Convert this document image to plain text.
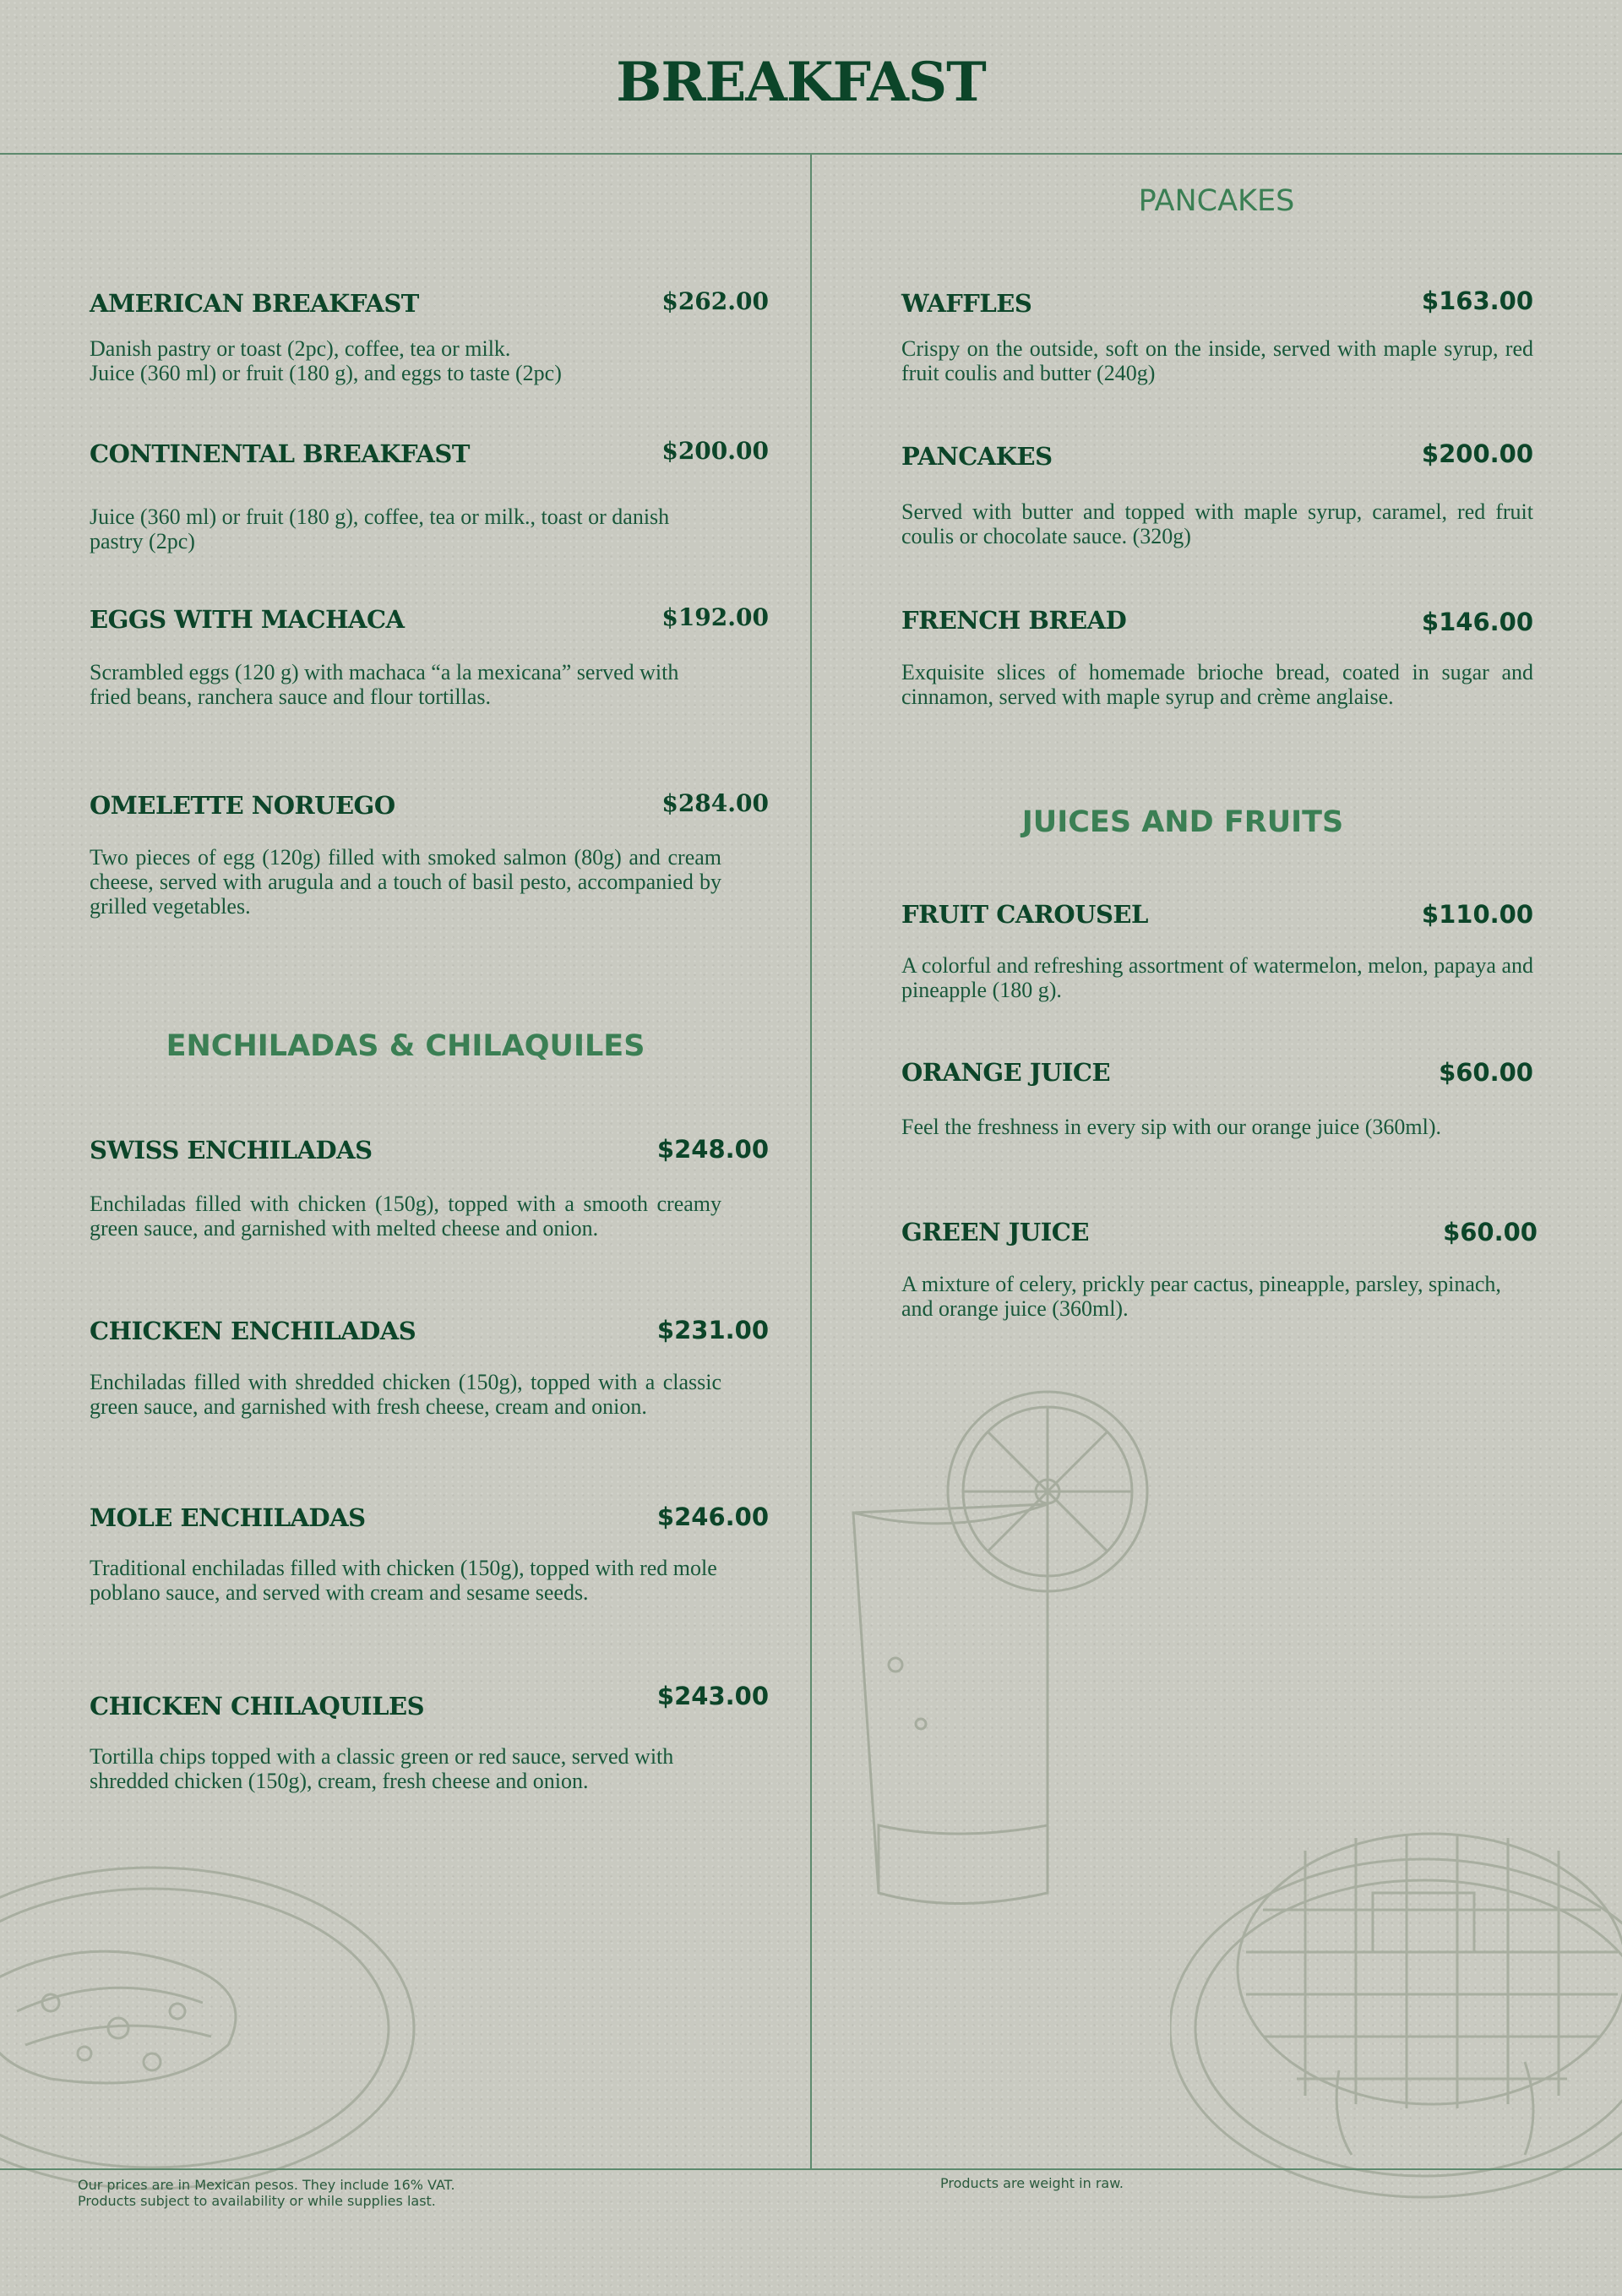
BREAKFAST
AMERICAN BREAKFAST	$262.00
Danish pastry or toast (2pc), coffee, tea or milk.
Juice (360 ml) or fruit (180 g), and eggs to taste (2pc)
CONTINENTAL BREAKFAST	$200.00
Juice (360 ml) or fruit (180 g), coffee, tea or milk., toast or danish pastry (2pc)
EGGS WITH MACHACA	$192.00
Scrambled eggs (120 g) with machaca “a la mexicana” served with fried beans, ranchera sauce and flour tortillas.
OMELETTE NORUEGO	$284.00
Two pieces of egg (120g) filled with smoked salmon (80g) and cream cheese, served with arugula and a touch of basil pesto, accompanied by grilled vegetables.
ENCHILADAS & CHILAQUILES
SWISS ENCHILADAS	$248.00
Enchiladas filled with chicken (150g), topped with a smooth creamy green sauce, and garnished with melted cheese and onion.
CHICKEN ENCHILADAS	$231.00
Enchiladas filled with shredded chicken (150g), topped with a classic green sauce, and garnished with fresh cheese, cream and onion.
MOLE ENCHILADAS	$246.00
Traditional enchiladas filled with chicken (150g), topped with red mole poblano sauce, and served with cream and sesame seeds.
CHICKEN CHILAQUILES	$243.00
Tortilla chips topped with a classic green or red sauce, served with shredded chicken (150g), cream, fresh cheese and onion.
PANCAKES
WAFFLES	$163.00
Crispy on the outside, soft on the inside, served with maple syrup, red fruit coulis and butter (240g)
PANCAKES	$200.00
Served with butter and topped with maple syrup, caramel, red fruit coulis or chocolate sauce. (320g)
FRENCH BREAD	$146.00
Exquisite slices of homemade brioche bread, coated in sugar and cinnamon, served with maple syrup and crème anglaise.
JUICES AND FRUITS
FRUIT CAROUSEL	$110.00
A colorful and refreshing assortment of watermelon, melon, papaya and pineapple (180 g).
ORANGE JUICE	$60.00
Feel the freshness in every sip with our orange juice (360ml).
GREEN JUICE	$60.00
A mixture of celery, prickly pear cactus, pineapple, parsley, spinach, and orange juice (360ml).
Our prices are in Mexican pesos. They include 16% VAT.
Products subject to availability or while supplies last.
Products are weight in raw.
